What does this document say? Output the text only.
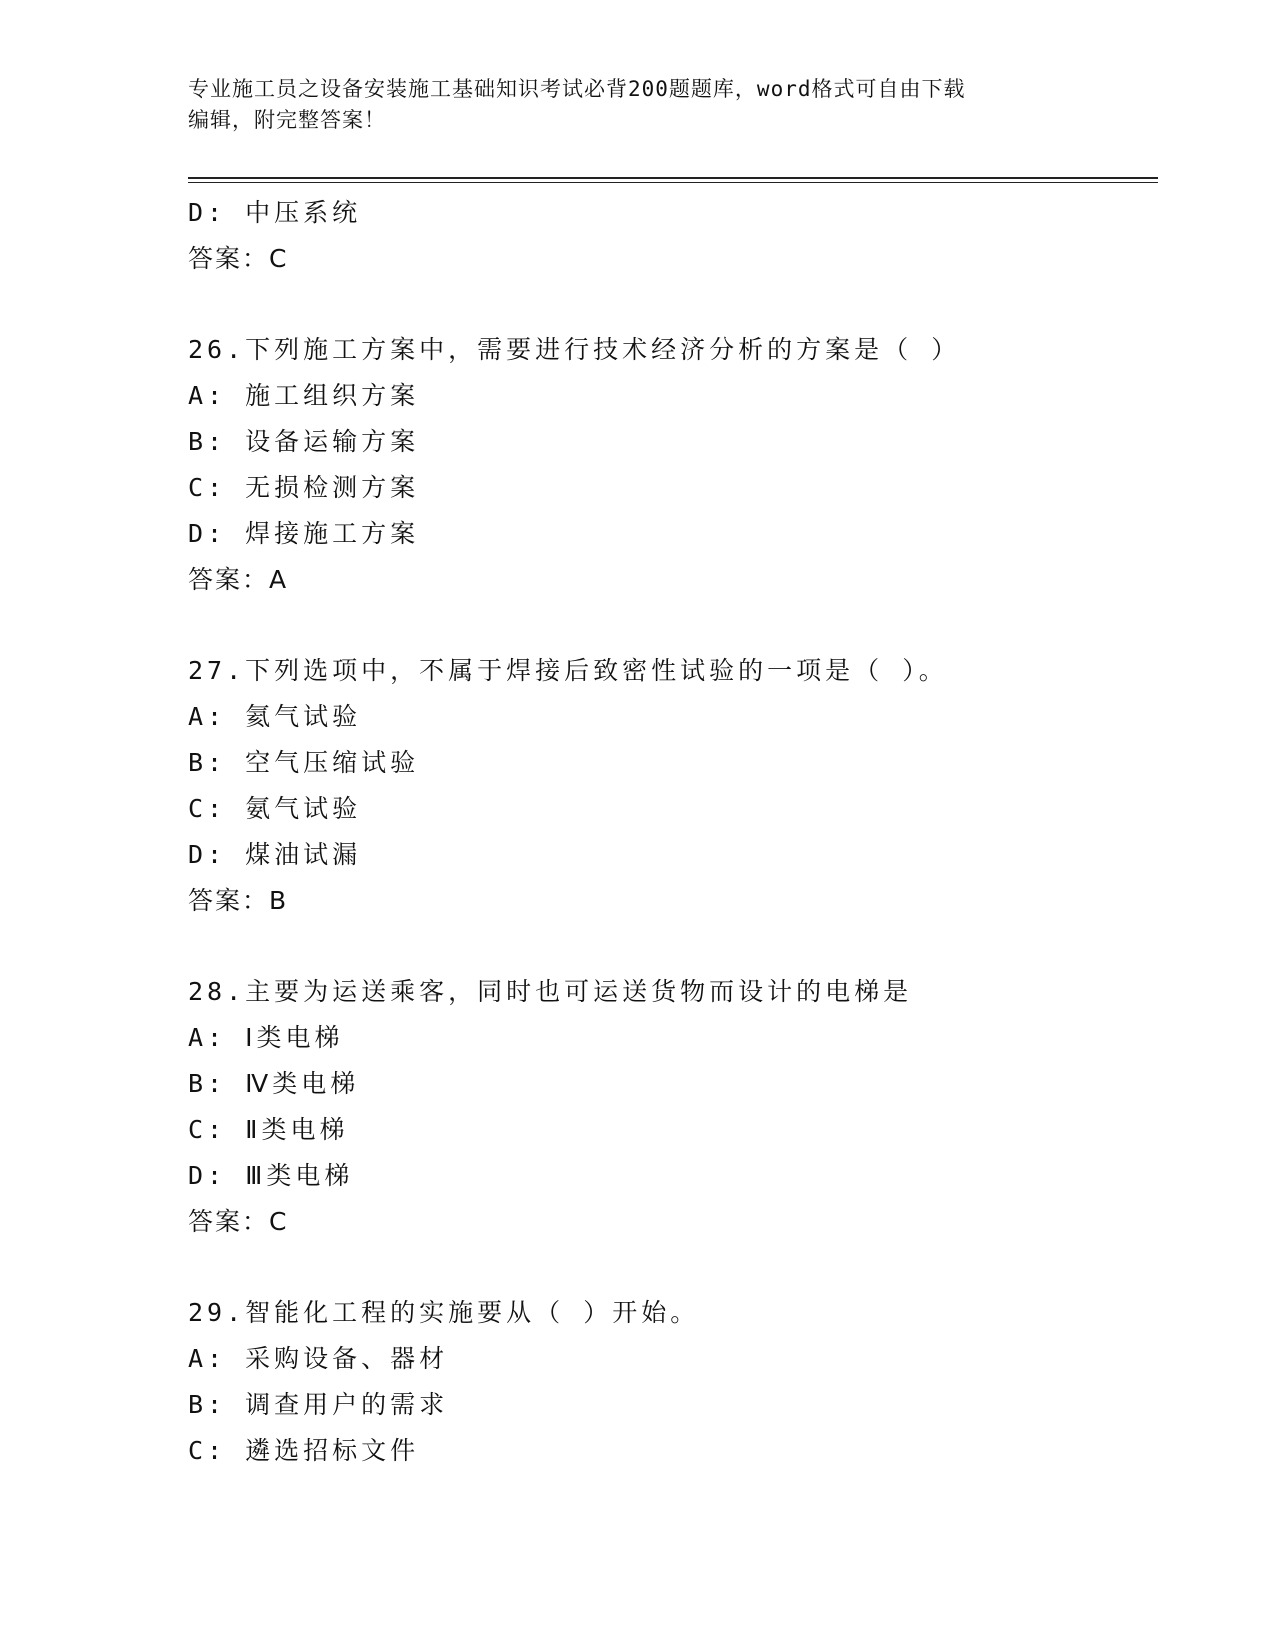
专业施工员之设备安装施工基础知识考试必背200题题库，word格式可自由下载
编辑，附完整答案！
D: 中压系统
答案：C
26.下列施工方案中，需要进行技术经济分析的方案是（ ）
A: 施工组织方案
B: 设备运输方案
C: 无损检测方案
D: 焊接施工方案
答案：A
27.下列选项中，不属于焊接后致密性试验的一项是（ ）。
A: 氦气试验
B: 空气压缩试验
C: 氨气试验
D: 煤油试漏
答案：B
28.主要为运送乘客，同时也可运送货物而设计的电梯是
A: Ⅰ类电梯
B: Ⅳ类电梯
C: Ⅱ类电梯
D: Ⅲ类电梯
答案：C
29.智能化工程的实施要从（ ）开始。
A: 采购设备、器材
B: 调查用户的需求
C: 遴选招标文件
